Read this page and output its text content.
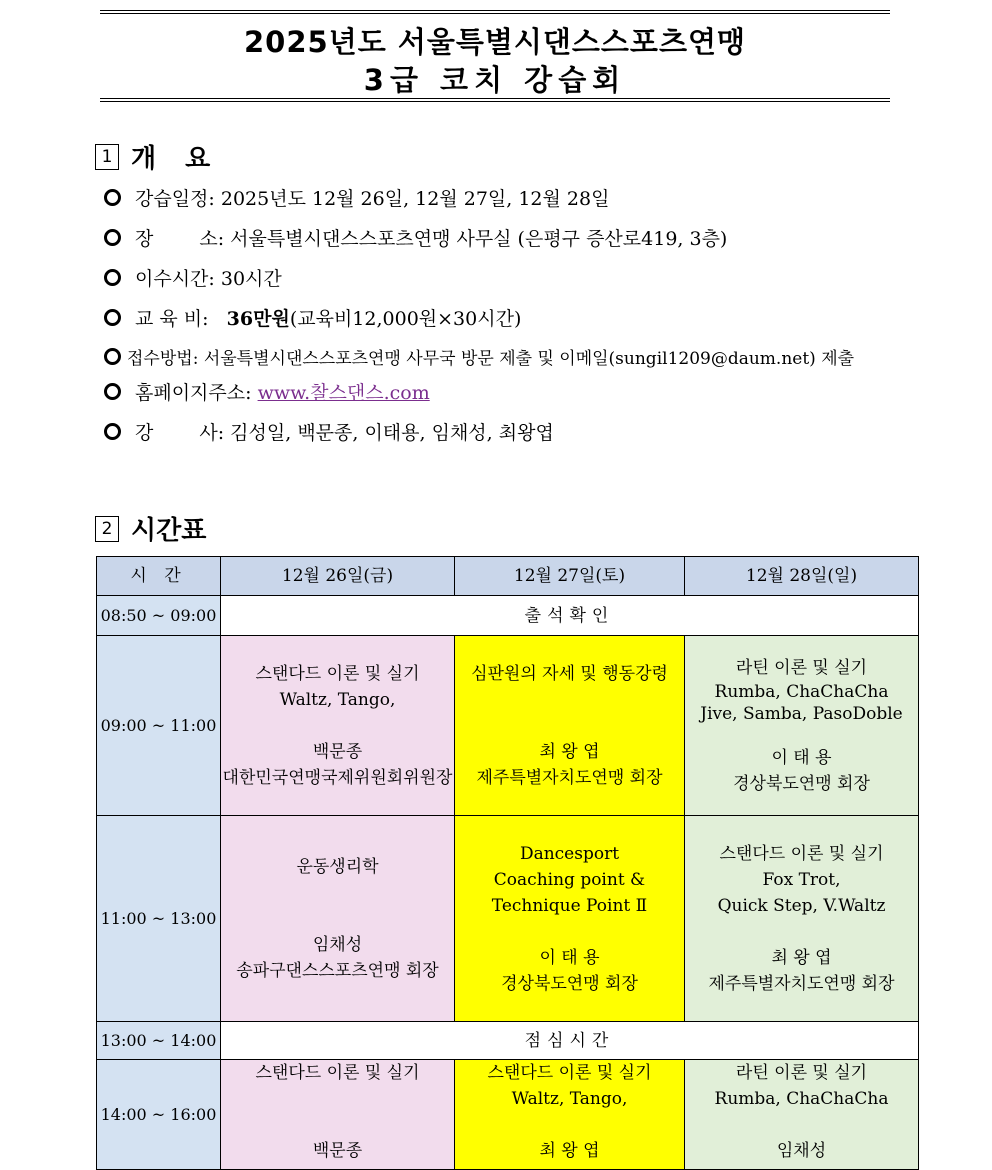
2025년도 서울특별시댄스스포츠연맹
3급 코치 강습회
1 개 요
강습일정:
2025년도 12월 26일, 12월 27일, 12월 28일
장 소:
서울특별시댄스스포츠연맹 사무실 (은평구 증산로419, 3층)
이수시간:
30시간
교 육 비:
36만원 (교육비12,000원×30시간)
접수방법:
서울특별시댄스스포츠연맹 사무국 방문 제출 및 이메일(sungil1209@daum.net) 제출
홈페이지주소:
www.찰스댄스.com
강 사:
김성일, 백문종, 이태용, 임채성, 최왕엽
2 시간표
시 간	12월 26일(금)	12월 27일(토)	12월 28일(일)
08:50 ~ 09:00	출석확인		
09:00 ~ 11:00	스탠다드 이론 및 실기
Waltz, Tango,
백문종
대한민국연맹국제위원회위원장	심판원의 자세 및 행동강령
최 왕 엽
제주특별자치도연맹 회장	라틴 이론 및 실기
Rumba, ChaChaCha
Jive, Samba, PasoDoble
이 태 용
경상북도연맹 회장

11:00 ~ 13:00	운동생리학
임채성
송파구댄스스포츠연맹 회장	Dancesport
Coaching point &
Technique Point Ⅱ
이 태 용
경상북도연맹 회장	스탠다드 이론 및 실기
Fox Trot,
Quick Step, V.Waltz
최 왕 엽
제주특별자치도연맹 회장

13:00 ~ 14:00	점심시간		
14:00 ~ 16:00	스탠다드 이론 및 실기
백문종	스탠다드 이론 및 실기
Waltz, Tango,
최 왕 엽	라틴 이론 및 실기
Rumba, ChaChaCha
임채성
